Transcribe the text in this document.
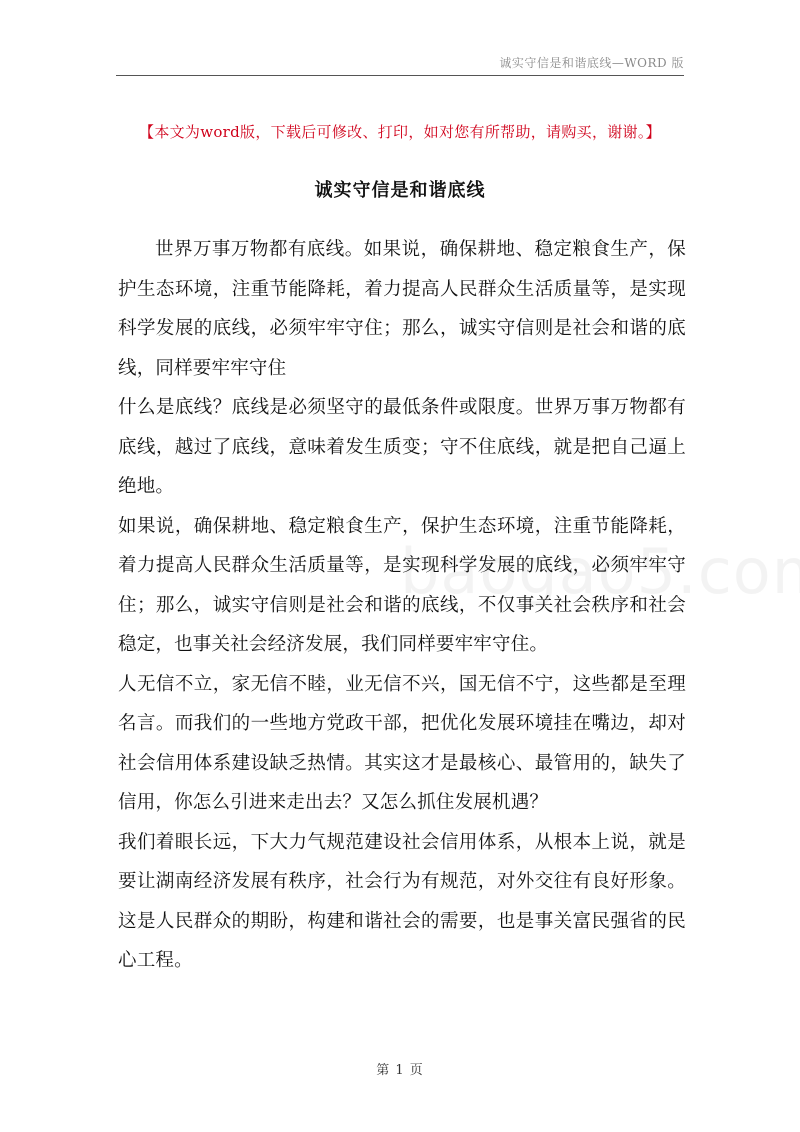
诚实守信是和谐底线—WORD 版
【本文为word版，下载后可修改、打印，如对您有所帮助，请购买，谢谢。】
诚实守信是和谐底线

世界万事万物都有底线。如果说，确保耕地、稳定粮食生产，保护生态环境，注重节能降耗，着力提高人民群众生活质量等，是实现科学发展的底线，必须牢牢守住；那么，诚实守信则是社会和谐的底线，同样要牢牢守住

什么是底线？底线是必须坚守的最低条件或限度。世界万事万物都有底线，越过了底线，意味着发生质变；守不住底线，就是把自己逼上绝地。

如果说，确保耕地、稳定粮食生产，保护生态环境，注重节能降耗，着力提高人民群众生活质量等，是实现科学发展的底线，必须牢牢守住；那么，诚实守信则是社会和谐的底线，不仅事关社会秩序和社会稳定，也事关社会经济发展，我们同样要牢牢守住。

人无信不立，家无信不睦，业无信不兴，国无信不宁，这些都是至理名言。而我们的一些地方党政干部，把优化发展环境挂在嘴边，却对社会信用体系建设缺乏热情。其实这才是最核心、最管用的，缺失了信用，你怎么引进来走出去？又怎么抓住发展机遇？

我们着眼长远，下大力气规范建设社会信用体系，从根本上说，就是要让湖南经济发展有秩序，社会行为有规范，对外交往有良好形象。这是人民群众的期盼，构建和谐社会的需要，也是事关富民强省的民心工程。

第 1 页
